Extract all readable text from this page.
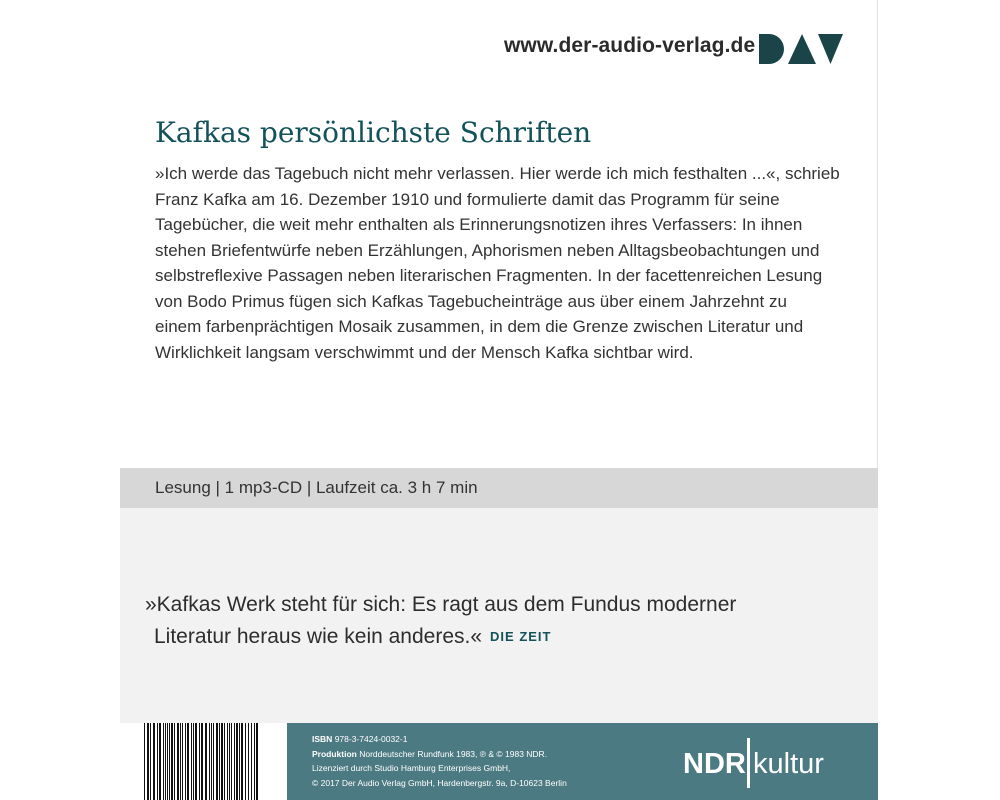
www.der-audio-verlag.de
Kafkas persönlichste Schriften
»Ich werde das Tagebuch nicht mehr verlassen. Hier werde ich mich festhalten ...«, schrieb
Franz Kafka am 16. Dezember 1910 und formulierte damit das Programm für seine
Tagebücher, die weit mehr enthalten als Erinnerungsnotizen ihres Verfassers: In ihnen
stehen Briefentwürfe neben Erzählungen, Aphorismen neben Alltagsbeobachtungen und
selbstreflexive Passagen neben literarischen Fragmenten. In der facettenreichen Lesung
von Bodo Primus fügen sich Kafkas Tagebucheinträge aus über einem Jahrzehnt zu
einem farbenprächtigen Mosaik zusammen, in dem die Grenze zwischen Literatur und
Wirklichkeit langsam verschwimmt und der Mensch Kafka sichtbar wird.
Lesung | 1 mp3-CD | Laufzeit ca. 3 h 7 min
»Kafkas Werk steht für sich: Es ragt aus dem Fundus moderner
Literatur heraus wie kein anderes.« DIE ZEIT
ISBN 978-3-7424-0032-1
Produktion Norddeutscher Rundfunk 1983, ℗ & © 1983 NDR.
Lizenziert durch Studio Hamburg Enterprises GmbH,
© 2017 Der Audio Verlag GmbH, Hardenbergstr. 9a, D-10623 Berlin
NDR kultur
